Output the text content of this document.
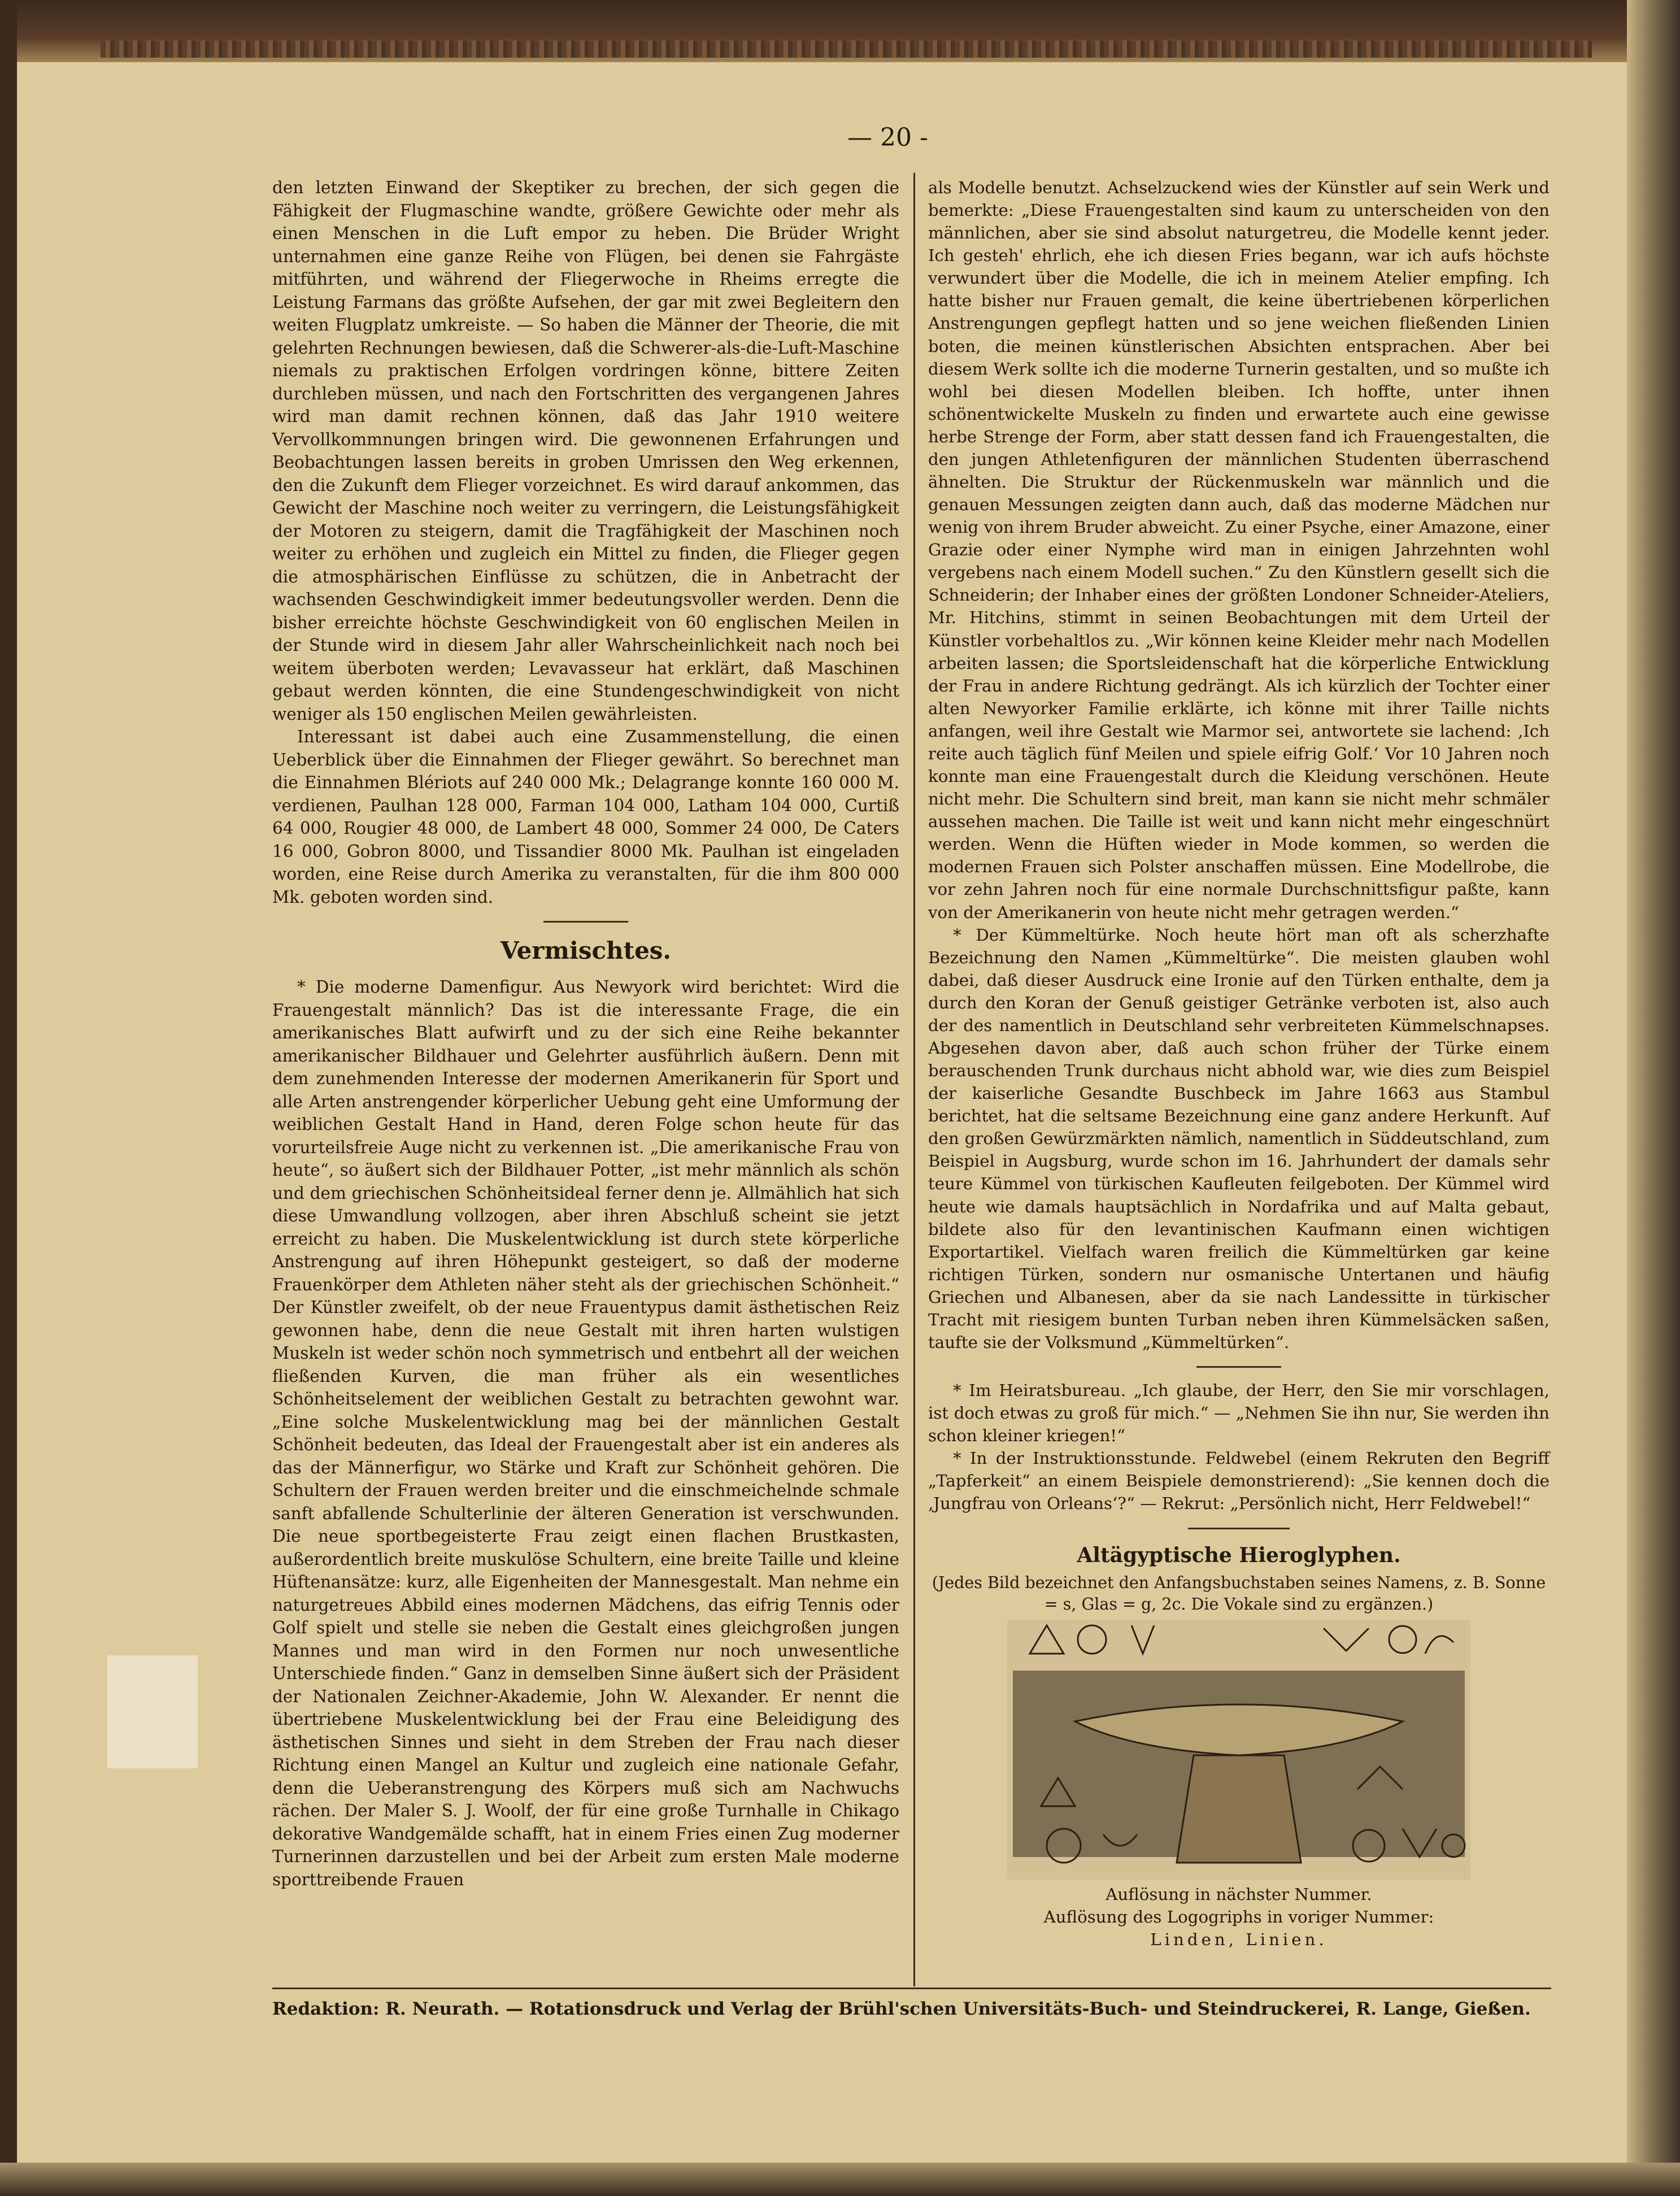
— 20 -

den letzten Einwand der Skeptiker zu brechen, der sich gegen die Fähigkeit der Flugmaschine wandte, größere Gewichte oder mehr als einen Menschen in die Luft empor zu heben. Die Brüder Wright unternahmen eine ganze Reihe von Flügen, bei denen sie Fahrgäste mitführten, und während der Fliegerwoche in Rheims erregte die Leistung Farmans das größte Aufsehen, der gar mit zwei Begleitern den weiten Flugplatz umkreiste. — So haben die Männer der Theorie, die mit gelehrten Rechnungen bewiesen, daß die Schwerer-als-die-Luft-Maschine niemals zu praktischen Erfolgen vordringen könne, bittere Zeiten durchleben müssen, und nach den Fortschritten des vergangenen Jahres wird man damit rechnen können, daß das Jahr 1910 weitere Vervollkommnungen bringen wird. Die gewonnenen Erfahrungen und Beobachtungen lassen bereits in groben Umrissen den Weg erkennen, den die Zukunft dem Flieger vorzeichnet. Es wird darauf ankommen, das Gewicht der Maschine noch weiter zu verringern, die Leistungsfähigkeit der Motoren zu steigern, damit die Tragfähigkeit der Maschinen noch weiter zu erhöhen und zugleich ein Mittel zu finden, die Flieger gegen die atmosphärischen Einflüsse zu schützen, die in Anbetracht der wachsenden Geschwindigkeit immer bedeutungsvoller werden. Denn die bisher erreichte höchste Geschwindigkeit von 60 englischen Meilen in der Stunde wird in diesem Jahr aller Wahrscheinlichkeit nach noch bei weitem überboten werden; Levavasseur hat erklärt, daß Maschinen gebaut werden könnten, die eine Stundengeschwindigkeit von nicht weniger als 150 englischen Meilen gewährleisten.

Interessant ist dabei auch eine Zusammenstellung, die einen Ueberblick über die Einnahmen der Flieger gewährt. So berechnet man die Einnahmen Blériots auf 240 000 Mk.; Delagrange konnte 160 000 M. verdienen, Paulhan 128 000, Farman 104 000, Latham 104 000, Curtiß 64 000, Rougier 48 000, de Lambert 48 000, Sommer 24 000, De Caters 16 000, Gobron 8000, und Tissandier 8000 Mk. Paulhan ist eingeladen worden, eine Reise durch Amerika zu veranstalten, für die ihm 800 000 Mk. geboten worden sind.

Vermischtes.

* Die moderne Damenfigur. Aus Newyork wird berichtet: Wird die Frauengestalt männlich? Das ist die interessante Frage, die ein amerikanisches Blatt aufwirft und zu der sich eine Reihe bekannter amerikanischer Bildhauer und Gelehrter ausführlich äußern. Denn mit dem zunehmenden Interesse der modernen Amerikanerin für Sport und alle Arten anstrengender körperlicher Uebung geht eine Umformung der weiblichen Gestalt Hand in Hand, deren Folge schon heute für das vorurteilsfreie Auge nicht zu verkennen ist. „Die amerikanische Frau von heute“, so äußert sich der Bildhauer Potter, „ist mehr männlich als schön und dem griechischen Schönheitsideal ferner denn je. Allmählich hat sich diese Umwandlung vollzogen, aber ihren Abschluß scheint sie jetzt erreicht zu haben. Die Muskelentwicklung ist durch stete körperliche Anstrengung auf ihren Höhepunkt gesteigert, so daß der moderne Frauenkörper dem Athleten näher steht als der griechischen Schönheit.“ Der Künstler zweifelt, ob der neue Frauentypus damit ästhetischen Reiz gewonnen habe, denn die neue Gestalt mit ihren harten wulstigen Muskeln ist weder schön noch symmetrisch und entbehrt all der weichen fließenden Kurven, die man früher als ein wesentliches Schönheitselement der weiblichen Gestalt zu betrachten gewohnt war. „Eine solche Muskelentwicklung mag bei der männlichen Gestalt Schönheit bedeuten, das Ideal der Frauengestalt aber ist ein anderes als das der Männerfigur, wo Stärke und Kraft zur Schönheit gehören. Die Schultern der Frauen werden breiter und die einschmeichelnde schmale sanft abfallende Schulterlinie der älteren Generation ist verschwunden. Die neue sportbegeisterte Frau zeigt einen flachen Brustkasten, außerordentlich breite muskulöse Schultern, eine breite Taille und kleine Hüftenansätze: kurz, alle Eigenheiten der Mannesgestalt. Man nehme ein naturgetreues Abbild eines modernen Mädchens, das eifrig Tennis oder Golf spielt und stelle sie neben die Gestalt eines gleichgroßen jungen Mannes und man wird in den Formen nur noch unwesentliche Unterschiede finden.“ Ganz in demselben Sinne äußert sich der Präsident der Nationalen Zeichner-Akademie, John W. Alexander. Er nennt die übertriebene Muskelentwicklung bei der Frau eine Beleidigung des ästhetischen Sinnes und sieht in dem Streben der Frau nach dieser Richtung einen Mangel an Kultur und zugleich eine nationale Gefahr, denn die Ueberanstrengung des Körpers muß sich am Nachwuchs rächen. Der Maler S. J. Woolf, der für eine große Turnhalle in Chikago dekorative Wandgemälde schafft, hat in einem Fries einen Zug moderner Turnerinnen darzustellen und bei der Arbeit zum ersten Male moderne sporttreibende Frauen

als Modelle benutzt. Achselzuckend wies der Künstler auf sein Werk und bemerkte: „Diese Frauengestalten sind kaum zu unterscheiden von den männlichen, aber sie sind absolut naturgetreu, die Modelle kennt jeder. Ich gesteh' ehrlich, ehe ich diesen Fries begann, war ich aufs höchste verwundert über die Modelle, die ich in meinem Atelier empfing. Ich hatte bisher nur Frauen gemalt, die keine übertriebenen körperlichen Anstrengungen gepflegt hatten und so jene weichen fließenden Linien boten, die meinen künstlerischen Absichten entsprachen. Aber bei diesem Werk sollte ich die moderne Turnerin gestalten, und so mußte ich wohl bei diesen Modellen bleiben. Ich hoffte, unter ihnen schönentwickelte Muskeln zu finden und erwartete auch eine gewisse herbe Strenge der Form, aber statt dessen fand ich Frauengestalten, die den jungen Athletenfiguren der männlichen Studenten überraschend ähnelten. Die Struktur der Rückenmuskeln war männlich und die genauen Messungen zeigten dann auch, daß das moderne Mädchen nur wenig von ihrem Bruder abweicht. Zu einer Psyche, einer Amazone, einer Grazie oder einer Nymphe wird man in einigen Jahrzehnten wohl vergebens nach einem Modell suchen.“ Zu den Künstlern gesellt sich die Schneiderin; der Inhaber eines der größten Londoner Schneider-Ateliers, Mr. Hitchins, stimmt in seinen Beobachtungen mit dem Urteil der Künstler vorbehaltlos zu. „Wir können keine Kleider mehr nach Modellen arbeiten lassen; die Sportsleidenschaft hat die körperliche Entwicklung der Frau in andere Richtung gedrängt. Als ich kürzlich der Tochter einer alten Newyorker Familie erklärte, ich könne mit ihrer Taille nichts anfangen, weil ihre Gestalt wie Marmor sei, antwortete sie lachend: ‚Ich reite auch täglich fünf Meilen und spiele eifrig Golf.‘ Vor 10 Jahren noch konnte man eine Frauengestalt durch die Kleidung verschönen. Heute nicht mehr. Die Schultern sind breit, man kann sie nicht mehr schmäler aussehen machen. Die Taille ist weit und kann nicht mehr eingeschnürt werden. Wenn die Hüften wieder in Mode kommen, so werden die modernen Frauen sich Polster anschaffen müssen. Eine Modellrobe, die vor zehn Jahren noch für eine normale Durchschnittsfigur paßte, kann von der Amerikanerin von heute nicht mehr getragen werden.“

* Der Kümmeltürke. Noch heute hört man oft als scherzhafte Bezeichnung den Namen „Kümmeltürke“. Die meisten glauben wohl dabei, daß dieser Ausdruck eine Ironie auf den Türken enthalte, dem ja durch den Koran der Genuß geistiger Getränke verboten ist, also auch der des namentlich in Deutschland sehr verbreiteten Kümmelschnapses. Abgesehen davon aber, daß auch schon früher der Türke einem berauschenden Trunk durchaus nicht abhold war, wie dies zum Beispiel der kaiserliche Gesandte Buschbeck im Jahre 1663 aus Stambul berichtet, hat die seltsame Bezeichnung eine ganz andere Herkunft. Auf den großen Gewürzmärkten nämlich, namentlich in Süddeutschland, zum Beispiel in Augsburg, wurde schon im 16. Jahrhundert der damals sehr teure Kümmel von türkischen Kaufleuten feilgeboten. Der Kümmel wird heute wie damals hauptsächlich in Nordafrika und auf Malta gebaut, bildete also für den levantinischen Kaufmann einen wichtigen Exportartikel. Vielfach waren freilich die Kümmeltürken gar keine richtigen Türken, sondern nur osmanische Untertanen und häufig Griechen und Albanesen, aber da sie nach Landessitte in türkischer Tracht mit riesigem bunten Turban neben ihren Kümmelsäcken saßen, taufte sie der Volksmund „Kümmeltürken“.

* Im Heiratsbureau. „Ich glaube, der Herr, den Sie mir vorschlagen, ist doch etwas zu groß für mich.“ — „Nehmen Sie ihn nur, Sie werden ihn schon kleiner kriegen!“

* In der Instruktionsstunde. Feldwebel (einem Rekruten den Begriff „Tapferkeit“ an einem Beispiele demonstrierend): „Sie kennen doch die ‚Jungfrau von Orleans‘?“ — Rekrut: „Persönlich nicht, Herr Feldwebel!“

Altägyptische Hieroglyphen.
(Jedes Bild bezeichnet den Anfangsbuchstaben seines Namens, z. B. Sonne = s, Glas = g, 2c. Die Vokale sind zu ergänzen.)
Auflösung in nächster Nummer.
Auflösung des Logogriphs in voriger Nummer:
Linden, Linien.
Redaktion: R. Neurath. — Rotationsdruck und Verlag der Brühl'schen Universitäts-Buch- und Steindruckerei, R. Lange, Gießen.
